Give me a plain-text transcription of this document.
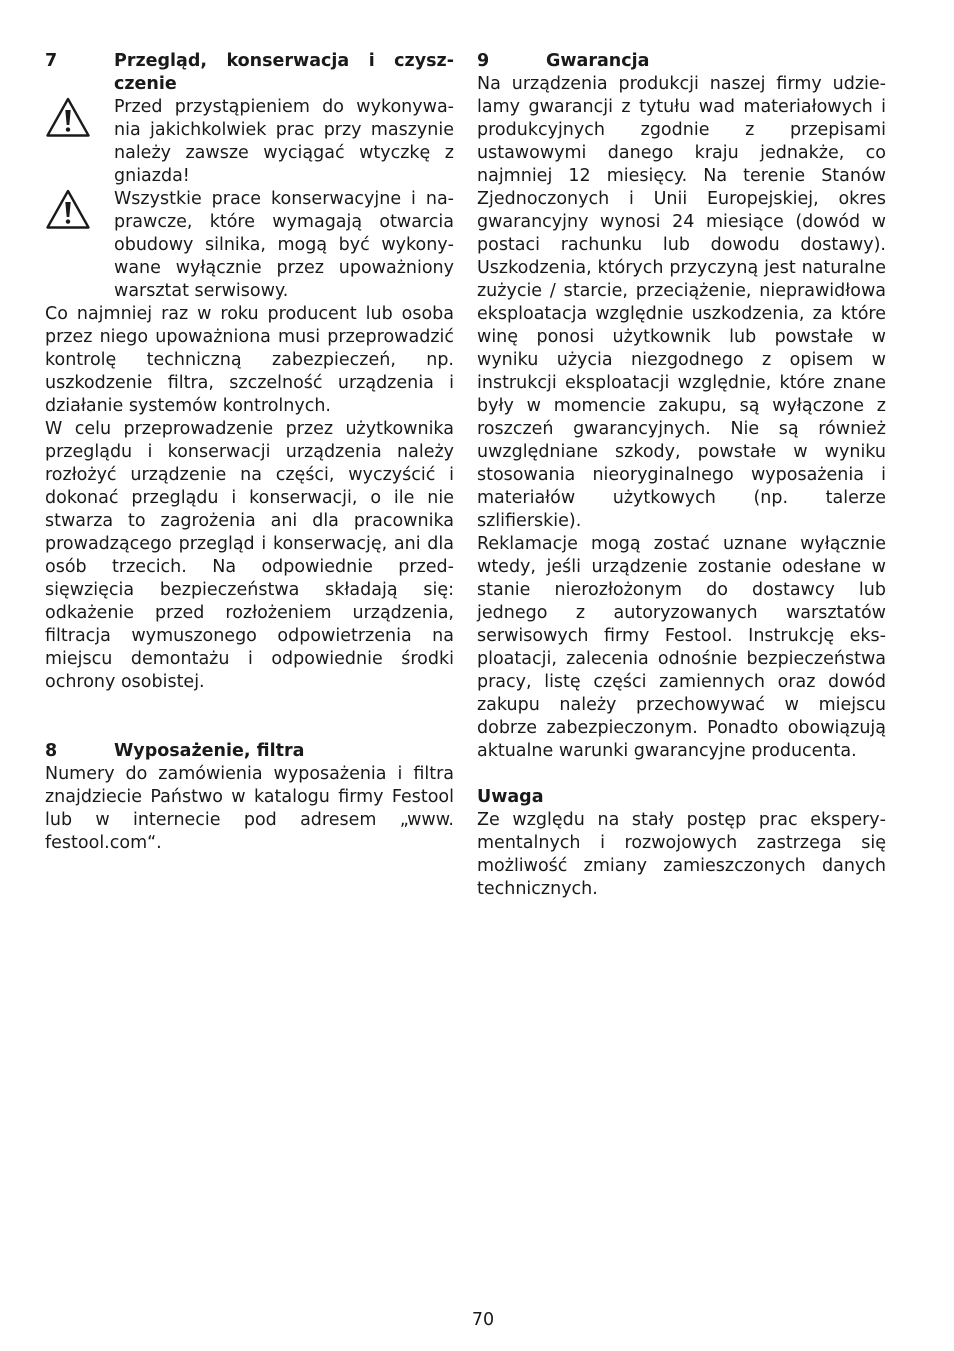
7	Przegląd, konserwacja i czyszczenie

Przed przystąpieniem do wykonywania jakichkolwiek prac przy maszynie należy zawsze wyciągać wtyczkę z gniazda!

Wszystkie prace konserwacyjne i naprawcze, które wymagają otwarcia obudowy silnika, mogą być wykonywane wyłącznie przez upoważniony warsztat serwisowy.

Co najmniej raz w roku producent lub osoba przez niego upoważniona musi przeprowadzić kontrolę techniczną zabezpieczeń, np. uszkodzenie filtra, szczelność urządzenia i działanie systemów kontrolnych.

W celu przeprowadzenie przez użytkownika przeglądu i konserwacji urządzenia należy rozłożyć urządzenie na części, wyczyścić i dokonać przeglądu i konserwacji, o ile nie stwarza to zagrożenia ani dla pracownika prowadzącego przegląd i konserwację, ani dla osób trzecich. Na odpowiednie przedsięwzięcia bezpieczeństwa składają się: odkażenie przed rozłożeniem urządzenia, filtracja wymuszonego odpowietrzenia na miejscu demontażu i odpowiednie środki ochrony osobistej.

8	Wyposażenie, filtra

Numery do zamówienia wyposażenia i filtra znajdziecie Państwo w katalogu firmy Festool lub w internecie pod adresem „www. festool.com“.

9	Gwarancja

Na urządzenia produkcji naszej firmy udzielamy gwarancji z tytułu wad materiałowych i produkcyjnych zgodnie z przepisami ustawowymi danego kraju jednakże, co najmniej 12 miesięcy. Na terenie Stanów Zjednoczonych i Unii Europejskiej, okres gwarancyjny wynosi 24 miesiące (dowód w postaci rachunku lub dowodu dostawy). Uszkodzenia, których przyczyną jest naturalne zużycie / starcie, przeciążenie, nieprawidłowa eksploatacja względnie uszkodzenia, za które winę ponosi użytkownik lub powstałe w wyniku użycia niezgodnego z opisem w instrukcji eksploatacji względnie, które znane były w momencie zakupu, są wyłączone z roszczeń gwarancyjnych. Nie są również uwzględniane szkody, powstałe w wyniku stosowania nieoryginalnego wyposażenia i materiałów użytkowych (np. talerze szlifierskie).

Reklamacje mogą zostać uznane wyłącznie wtedy, jeśli urządzenie zostanie odesłane w stanie nierozłożonym do dostawcy lub jednego z autoryzowanych warsztatów serwisowych firmy Festool. Instrukcję eksploatacji, zalecenia odnośnie bezpieczeństwa pracy, listę części zamiennych oraz dowód zakupu należy przechowywać w miejscu dobrze zabezpieczonym. Ponadto obowiązują aktualne warunki gwarancyjne producenta.

Uwaga

Ze względu na stały postęp prac eksperymentalnych i rozwojowych zastrzega się możliwość zmiany zamieszczonych danych technicznych.

70
